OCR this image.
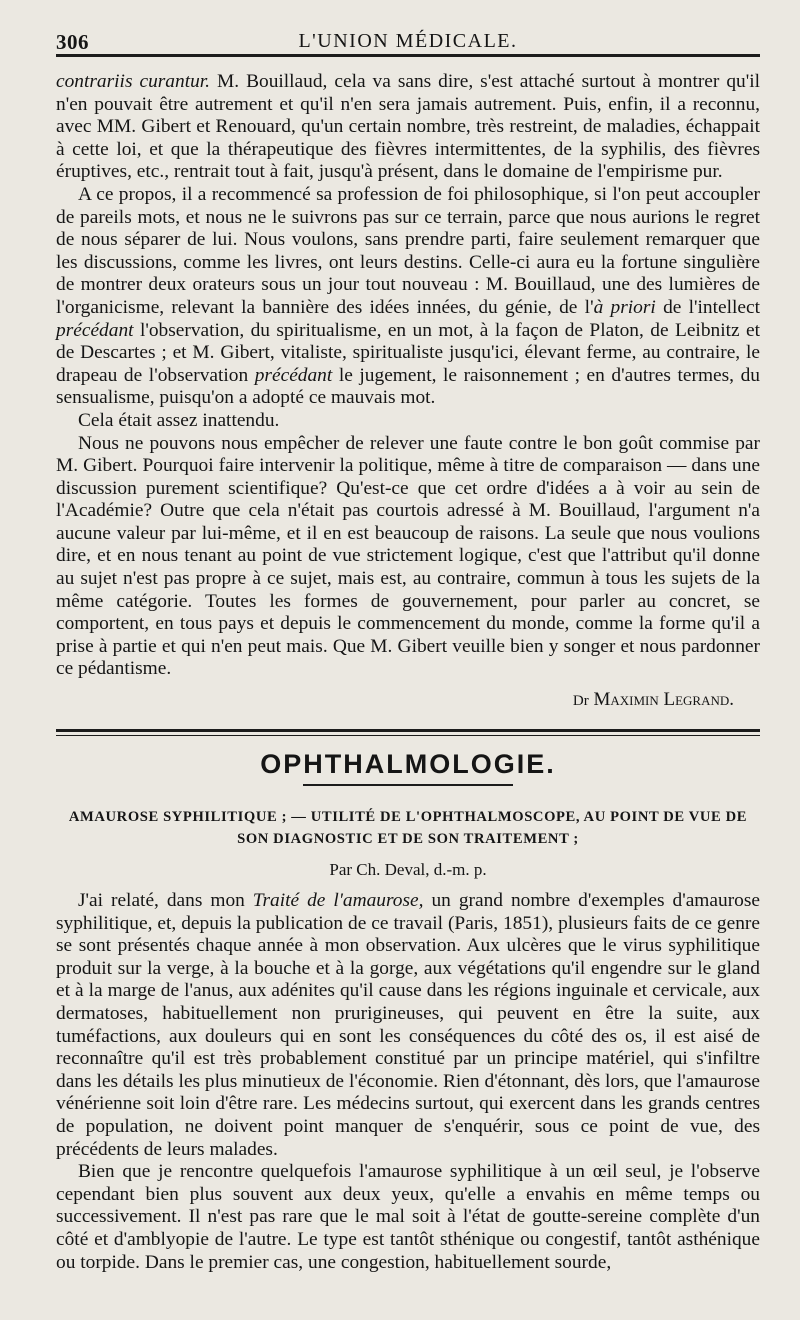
306	L'UNION MÉDICALE.

contrariis curantur. M. Bouillaud, cela va sans dire, s'est attaché surtout à montrer qu'il n'en pouvait être autrement et qu'il n'en sera jamais autrement. Puis, enfin, il a reconnu, avec MM. Gibert et Renouard, qu'un certain nombre, très restreint, de maladies, échappait à cette loi, et que la thérapeutique des fièvres intermittentes, de la syphilis, des fièvres éruptives, etc., rentrait tout à fait, jusqu'à présent, dans le domaine de l'empirisme pur.

A ce propos, il a recommencé sa profession de foi philosophique, si l'on peut accoupler de pareils mots, et nous ne le suivrons pas sur ce terrain, parce que nous aurions le regret de nous séparer de lui. Nous voulons, sans prendre parti, faire seulement remarquer que les discussions, comme les livres, ont leurs destins. Celle-ci aura eu la fortune singulière de montrer deux orateurs sous un jour tout nouveau : M. Bouillaud, une des lumières de l'organicisme, relevant la bannière des idées innées, du génie, de l'à priori de l'intellect précédant l'observation, du spiritualisme, en un mot, à la façon de Platon, de Leibnitz et de Descartes ; et M. Gibert, vitaliste, spiritualiste jusqu'ici, élevant ferme, au contraire, le drapeau de l'observation précédant le jugement, le raisonnement ; en d'autres termes, du sensualisme, puisqu'on a adopté ce mauvais mot.

Cela était assez inattendu.

Nous ne pouvons nous empêcher de relever une faute contre le bon goût commise par M. Gibert. Pourquoi faire intervenir la politique, même à titre de comparaison — dans une discussion purement scientifique? Qu'est-ce que cet ordre d'idées a à voir au sein de l'Académie? Outre que cela n'était pas courtois adressé à M. Bouillaud, l'argument n'a aucune valeur par lui-même, et il en est beaucoup de raisons. La seule que nous voulions dire, et en nous tenant au point de vue strictement logique, c'est que l'attribut qu'il donne au sujet n'est pas propre à ce sujet, mais est, au contraire, commun à tous les sujets de la même catégorie. Toutes les formes de gouvernement, pour parler au concret, se comportent, en tous pays et depuis le commencement du monde, comme la forme qu'il a prise à partie et qui n'en peut mais. Que M. Gibert veuille bien y songer et nous pardonner ce pédantisme.

Dr Maximin Legrand.
OPHTHALMOLOGIE.
AMAUROSE SYPHILITIQUE ; — UTILITÉ DE L'OPHTHALMOSCOPE, AU POINT DE VUE DE SON DIAGNOSTIC ET DE SON TRAITEMENT ;
Par Ch. Deval, d.-m. p.

J'ai relaté, dans mon Traité de l'amaurose, un grand nombre d'exemples d'amaurose syphilitique, et, depuis la publication de ce travail (Paris, 1851), plusieurs faits de ce genre se sont présentés chaque année à mon observation. Aux ulcères que le virus syphilitique produit sur la verge, à la bouche et à la gorge, aux végétations qu'il engendre sur le gland et à la marge de l'anus, aux adénites qu'il cause dans les régions inguinale et cervicale, aux dermatoses, habituellement non prurigineuses, qui peuvent en être la suite, aux tuméfactions, aux douleurs qui en sont les conséquences du côté des os, il est aisé de reconnaître qu'il est très probablement constitué par un principe matériel, qui s'infiltre dans les détails les plus minutieux de l'économie. Rien d'étonnant, dès lors, que l'amaurose vénérienne soit loin d'être rare. Les médecins surtout, qui exercent dans les grands centres de population, ne doivent point manquer de s'enquérir, sous ce point de vue, des précédents de leurs malades.

Bien que je rencontre quelquefois l'amaurose syphilitique à un œil seul, je l'observe cependant bien plus souvent aux deux yeux, qu'elle a envahis en même temps ou successivement. Il n'est pas rare que le mal soit à l'état de goutte-sereine complète d'un côté et d'amblyopie de l'autre. Le type est tantôt sthénique ou congestif, tantôt asthénique ou torpide. Dans le premier cas, une congestion, habituellement sourde,
